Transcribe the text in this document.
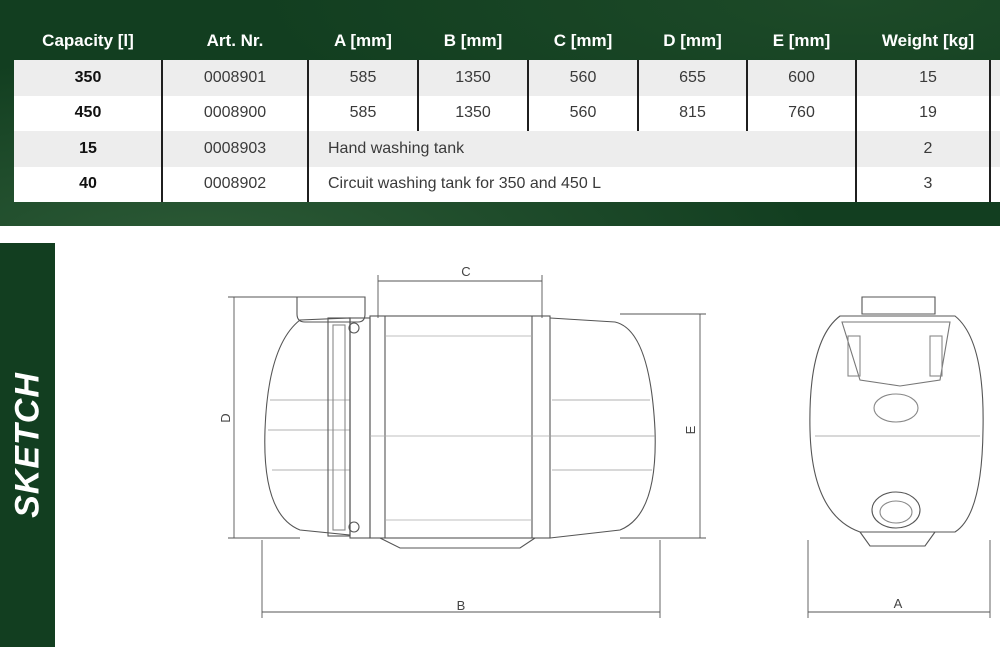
Capacity [l]	Art. Nr.	A [mm]	B [mm]	C [mm]	D [mm]	E [mm]	Weight [kg]
350	0008901	585	1350	560	655	600	15
450	0008900	585	1350	560	815	760	19
15	0008903	Hand washing tank	2
40	0008902	Circuit washing tank for 350 and 450 L	3
SKETCH
C
D
E
B	A
